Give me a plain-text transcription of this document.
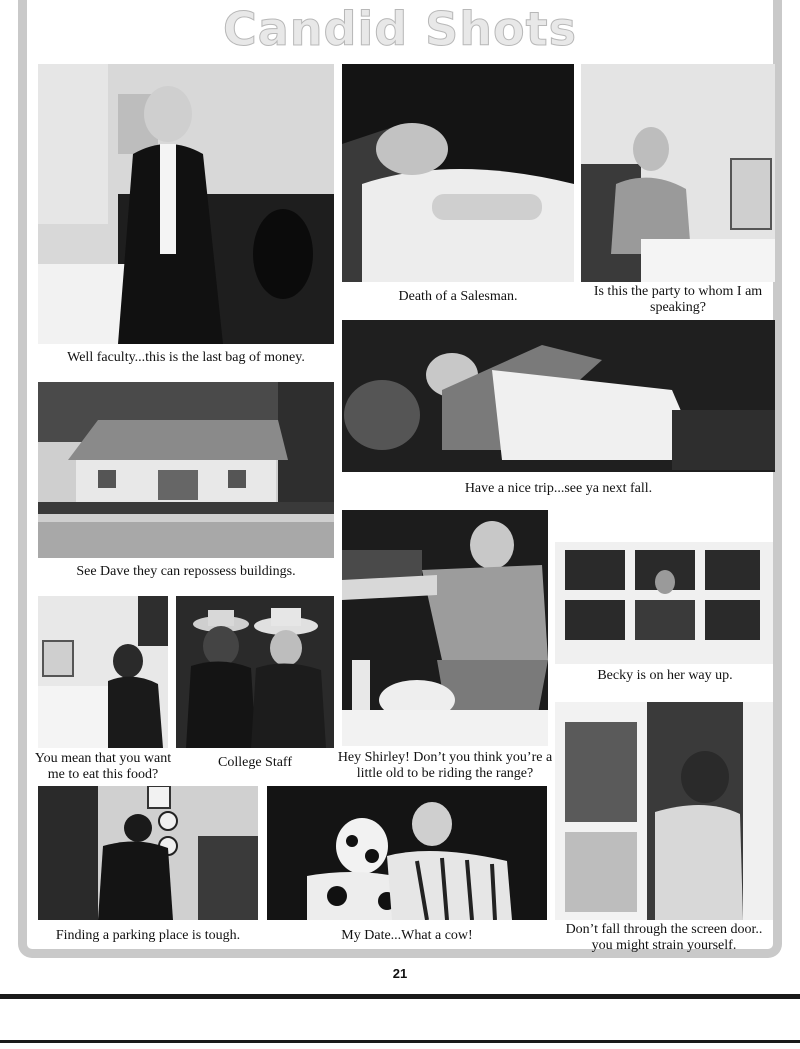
Candid Shots
Well faculty...this is the last bag of money.
Death of a Salesman.	Is this the party to whom I am speaking?
Have a nice trip...see ya next fall.
See Dave they can repossess buildings.
Hey Shirley! Don’t you think you’re a little old to be riding the range?
Becky is on her way up.
You mean that you want me to eat this food?
College Staff
Don’t fall through the screen door.. you might strain yourself.
Finding a parking place is tough.	My Date...What a cow!
21
